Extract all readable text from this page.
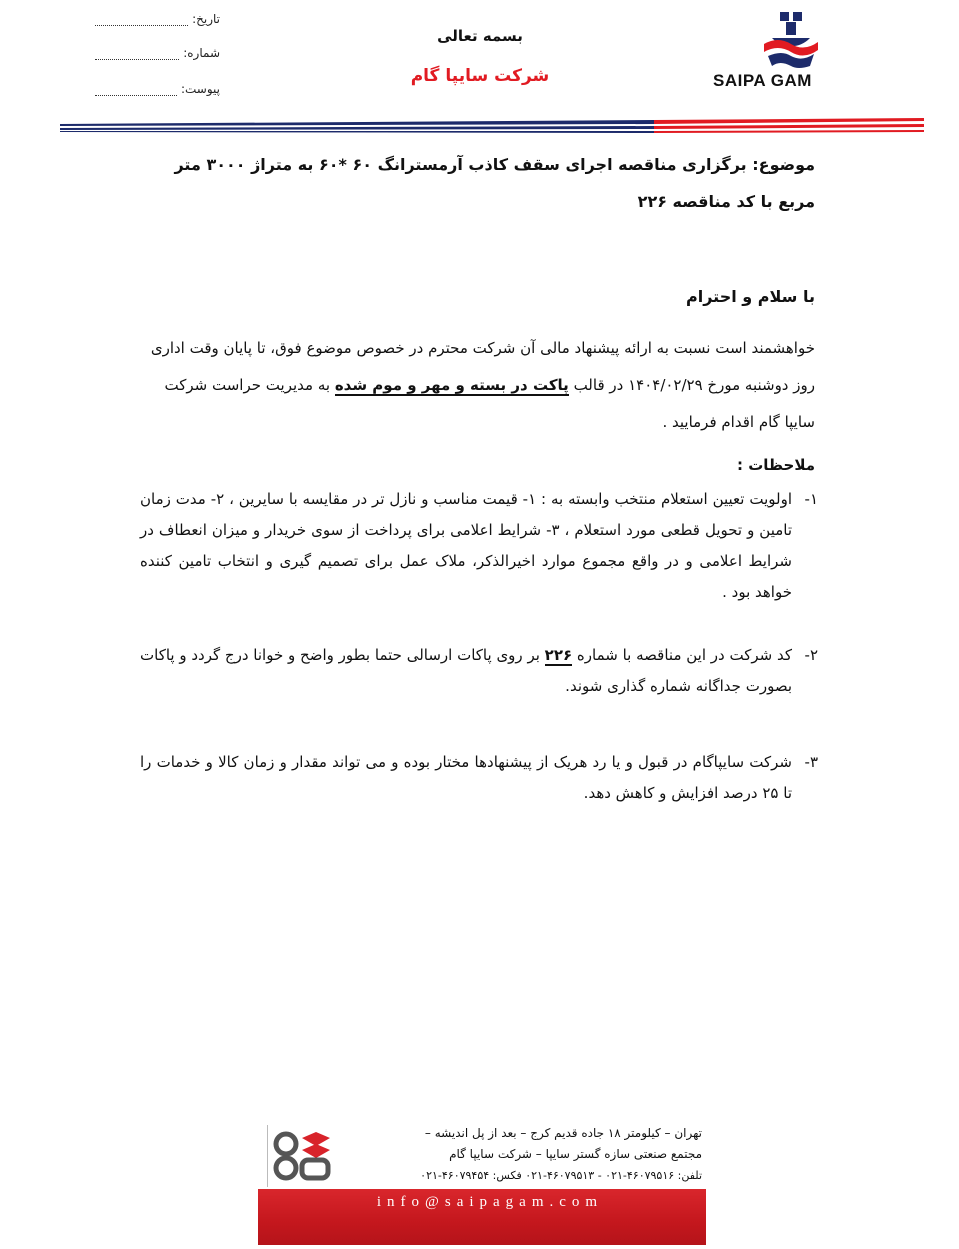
SAIPA GAM
بسمه تعالی
شرکت سایپا گام
تاریخ:
شماره:
پیوست:
موضوع: برگزاری مناقصه اجرای سقف کاذب آرمسترانگ ۶۰ *۶۰ به متراژ ۳۰۰۰ متر مربع با کد مناقصه ۲۲۶
با سلام و احترام
خواهشمند است نسبت به ارائه پیشنهاد مالی آن شرکت محترم در خصوص موضوع فوق، تا پایان وقت اداری روز دوشنبه مورخ ۱۴۰۴/۰۲/۲۹ در قالب پاکت در بسته و مهر و موم شده به مدیریت حراست شرکت سایپا گام اقدام فرمایید .
ملاحظات :
۱-
اولویت تعیین استعلام منتخب وابسته به : ۱- قیمت مناسب و نازل تر در مقایسه با سایرین ، ۲- مدت زمان تامین و تحویل قطعی مورد استعلام ، ۳- شرایط اعلامی برای پرداخت از سوی خریدار و میزان انعطاف در شرایط اعلامی و در واقع مجموع موارد اخیرالذکر، ملاک عمل برای تصمیم گیری و انتخاب تامین کننده خواهد بود .
۲-
کد شرکت در این مناقصه با شماره ۲۲۶ بر روی پاکات ارسالی حتما بطور واضح و خوانا درج گردد و پاکات بصورت جداگانه شماره گذاری شوند.
۳-
شرکت سایپاگام در قبول و یا رد هریک از پیشنهادها مختار بوده و می تواند مقدار و زمان کالا و خدمات را تا ۲۵ درصد افزایش و کاهش دهد.
تهران – کیلومتر ۱۸ جاده قدیم کرج – بعد از پل اندیشه –
مجتمع صنعتی سازه گستر سایپا – شرکت سایپا گام
تلفن: ۴۶۰۷۹۵۱۶-۰۲۱ - ۴۶۰۷۹۵۱۳-۰۲۱ فکس: ۴۶۰۷۹۴۵۴-۰۲۱
info@saipagam.com
